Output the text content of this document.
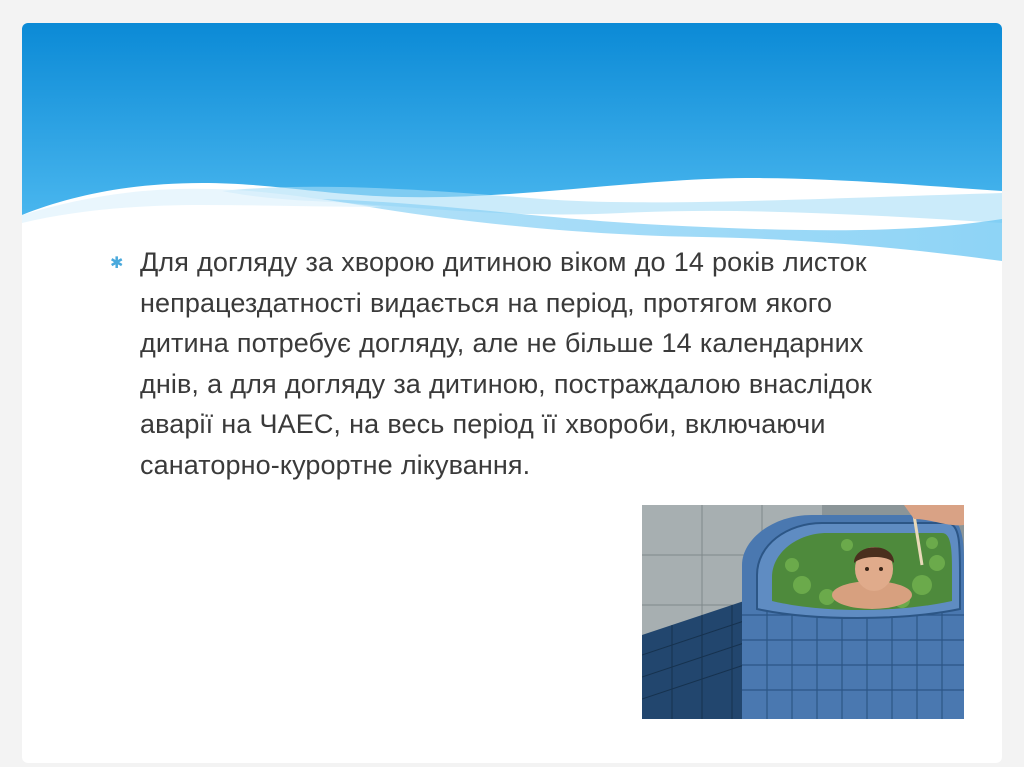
✱ Для догляду за хворою дитиною віком до 14 років листок непрацездатності видається на період, протягом якого дитина потребує догляду, але не більше 14 календарних днів, а для догляду за дитиною, постраждалою внаслідок аварії на ЧАЕС, на весь період її хвороби, включаючи санаторно-курортне лікування.
